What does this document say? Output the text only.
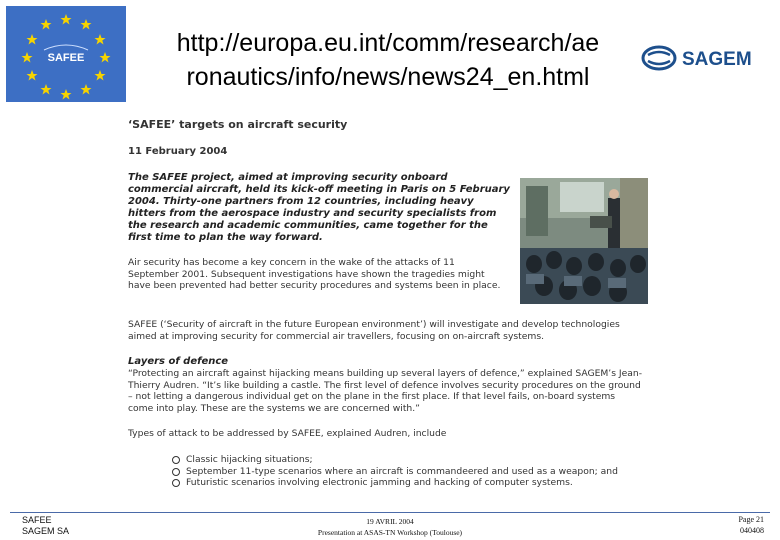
SAFEE
http://europa.eu.int/comm/research/ae
ronautics/info/news/news24_en.html
SAGEM
‘SAFEE’ targets on aircraft security
11 February 2004
The SAFEE project, aimed at improving security onboard commercial aircraft, held its kick-off meeting in Paris on 5 February 2004. Thirty-one partners from 12 countries, including heavy hitters from the aerospace industry and security specialists from the research and academic communities, came together for the first time to plan the way forward.
Air security has become a key concern in the wake of the attacks of 11 September 2001. Subsequent investigations have shown the tragedies might have been prevented had better security procedures and systems been in place.
SAFEE (‘Security of aircraft in the future European environment’) will investigate and develop technologies aimed at improving security for commercial air travellers, focusing on on-aircraft systems.
Layers of defence
“Protecting an aircraft against hijacking means building up several layers of defence,” explained SAGEM’s Jean-Thierry Audren. “It’s like building a castle. The first level of defence involves security procedures on the ground – not letting a dangerous individual get on the plane in the first place. If that level fails, on-board systems come into play. These are the systems we are concerned with.”
Types of attack to be addressed by SAFEE, explained Audren, include
Classic hijacking situations;
September 11-type scenarios where an aircraft is commandeered and used as a weapon; and
Futuristic scenarios involving electronic jamming and hacking of computer systems.
SAFEE
SAGEM SA
19 AVRIL 2004
Presentation at ASAS-TN Workshop (Toulouse)
Page 21
040408
